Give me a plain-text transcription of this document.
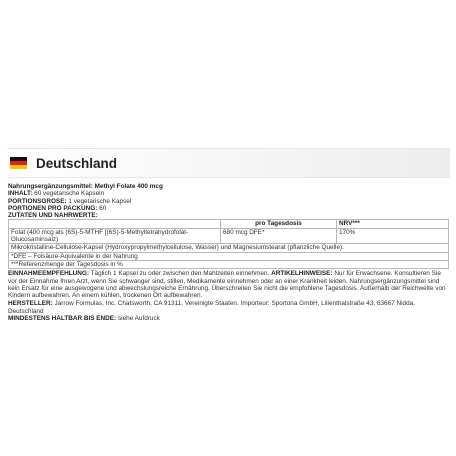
Deutschland
Nahrungsergänzungsmittel: Methyl Folate 400 mcg
INHALT: 60 vegetarische Kapseln
PORTIONSGRÖSE: 1 vegetarische Kapsel
PORTIONEN PRO PACKUNG: 60
ZUTATEN UND NÄHRWERTE:
	pro Tagesdosis	NRV***
Folat (400 mcg als (6S)-5-MTHF [(6S)-5-Methyltetrahydrofolat-Glucosaminsalz)	680 mcg DFE*	170%
Mikrokristalline-Cellulose-Kapsel (Hydroxypropylmethylcellulose, Wasser) und Magnesiumstearat (pflanzliche Quelle).		
*DFE – Folsäure-Äquivalente in der Nahrung		
***Referenzmenge der Tagesdosis in %		
EINNAHMEEMPFEHLUNG: Täglich 1 Kapsel zu oder zwischen den Mahlzeiten einnehmen. ARTIKELHINWEISE: Nur für Erwachsene. Konsultieren Sie vor der Einnahme Ihren Arzt, wenn Sie schwanger sind, stillen, Medikamente einnehmen oder an einer Krankheit leiden. Nahrungsergänzungsmittel sind kein Ersatz für eine ausgewogene und abwechslungsreiche Ernährung. Überschreiten Sie nicht die empfohlene Tagesdosis. Außerhalb der Reichweite von Kindern aufbewahren. An einem kühlen, trockenen Ort aufbewahren.
HERSTELLER: Jarrow Formulas, Inc. Chatsworth, CA 91311, Vereinigte Staaten. Importeur: Sportona GmbH, Lilienthalstraße 43, 63667 Nidda, Deutschland
MINDESTENS HALTBAR BIS ENDE: siehe Aufdruck
